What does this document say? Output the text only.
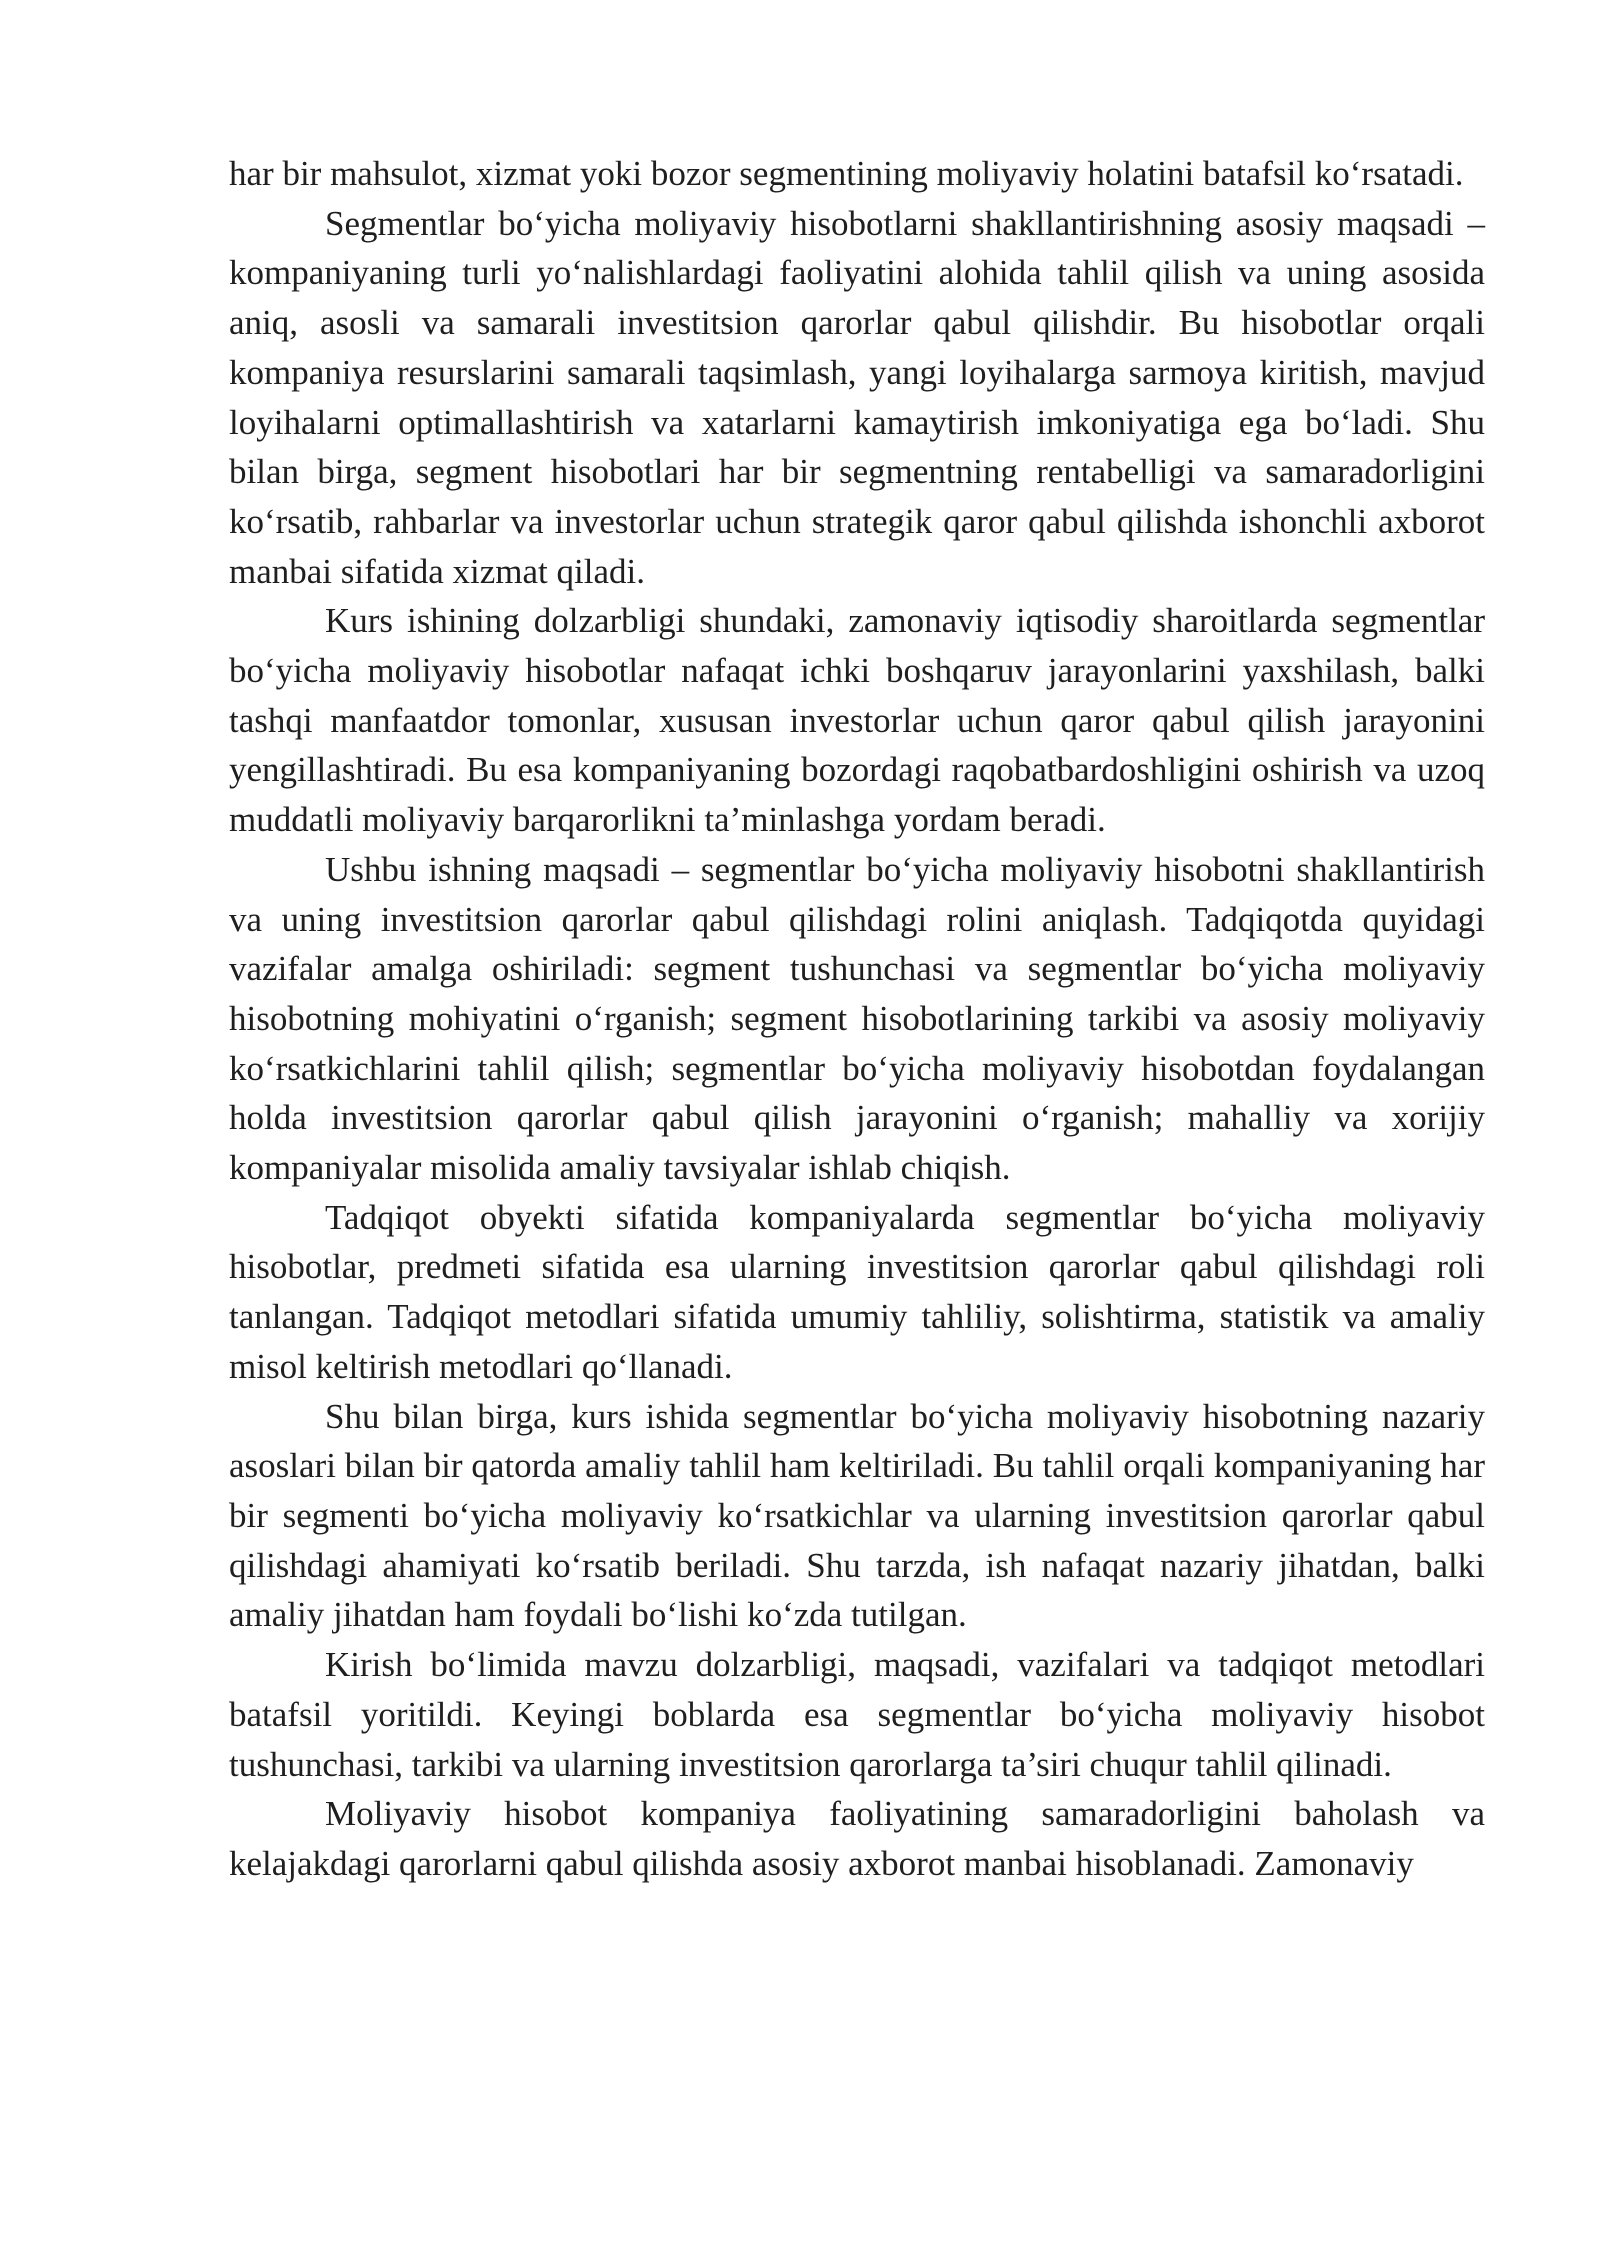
har bir mahsulot, xizmat yoki bozor segmentining moliyaviy holatini batafsil ko‘rsatadi.

Segmentlar bo‘yicha moliyaviy hisobotlarni shakllantirishning asosiy maqsadi – kompaniyaning turli yo‘nalishlardagi faoliyatini alohida tahlil qilish va uning asosida aniq, asosli va samarali investitsion qarorlar qabul qilishdir. Bu hisobotlar orqali kompaniya resurslarini samarali taqsimlash, yangi loyihalarga sarmoya kiritish, mavjud loyihalarni optimallashtirish va xatarlarni kamaytirish imkoniyatiga ega bo‘ladi. Shu bilan birga, segment hisobotlari har bir segmentning rentabelligi va samaradorligini ko‘rsatib, rahbarlar va investorlar uchun strategik qaror qabul qilishda ishonchli axborot manbai sifatida xizmat qiladi.

Kurs ishining dolzarbligi shundaki, zamonaviy iqtisodiy sharoitlarda segmentlar bo‘yicha moliyaviy hisobotlar nafaqat ichki boshqaruv jarayonlarini yaxshilash, balki tashqi manfaatdor tomonlar, xususan investorlar uchun qaror qabul qilish jarayonini yengillashtiradi. Bu esa kompaniyaning bozordagi raqobatbardoshligini oshirish va uzoq muddatli moliyaviy barqarorlikni ta’minlashga yordam beradi.

Ushbu ishning maqsadi – segmentlar bo‘yicha moliyaviy hisobotni shakllantirish va uning investitsion qarorlar qabul qilishdagi rolini aniqlash. Tadqiqotda quyidagi vazifalar amalga oshiriladi: segment tushunchasi va segmentlar bo‘yicha moliyaviy hisobotning mohiyatini o‘rganish; segment hisobotlarining tarkibi va asosiy moliyaviy ko‘rsatkichlarini tahlil qilish; segmentlar bo‘yicha moliyaviy hisobotdan foydalangan holda investitsion qarorlar qabul qilish jarayonini o‘rganish; mahalliy va xorijiy kompaniyalar misolida amaliy tavsiyalar ishlab chiqish.

Tadqiqot obyekti sifatida kompaniyalarda segmentlar bo‘yicha moliyaviy hisobotlar, predmeti sifatida esa ularning investitsion qarorlar qabul qilishdagi roli tanlangan. Tadqiqot metodlari sifatida umumiy tahliliy, solishtirma, statistik va amaliy misol keltirish metodlari qo‘llanadi.

Shu bilan birga, kurs ishida segmentlar bo‘yicha moliyaviy hisobotning nazariy asoslari bilan bir qatorda amaliy tahlil ham keltiriladi. Bu tahlil orqali kompaniyaning har bir segmenti bo‘yicha moliyaviy ko‘rsatkichlar va ularning investitsion qarorlar qabul qilishdagi ahamiyati ko‘rsatib beriladi. Shu tarzda, ish nafaqat nazariy jihatdan, balki amaliy jihatdan ham foydali bo‘lishi ko‘zda tutilgan.

Kirish bo‘limida mavzu dolzarbligi, maqsadi, vazifalari va tadqiqot metodlari batafsil yoritildi. Keyingi boblarda esa segmentlar bo‘yicha moliyaviy hisobot tushunchasi, tarkibi va ularning investitsion qarorlarga ta’siri chuqur tahlil qilinadi.

Moliyaviy hisobot kompaniya faoliyatining samaradorligini baholash va kelajakdagi qarorlarni qabul qilishda asosiy axborot manbai hisoblanadi. Zamonaviy
